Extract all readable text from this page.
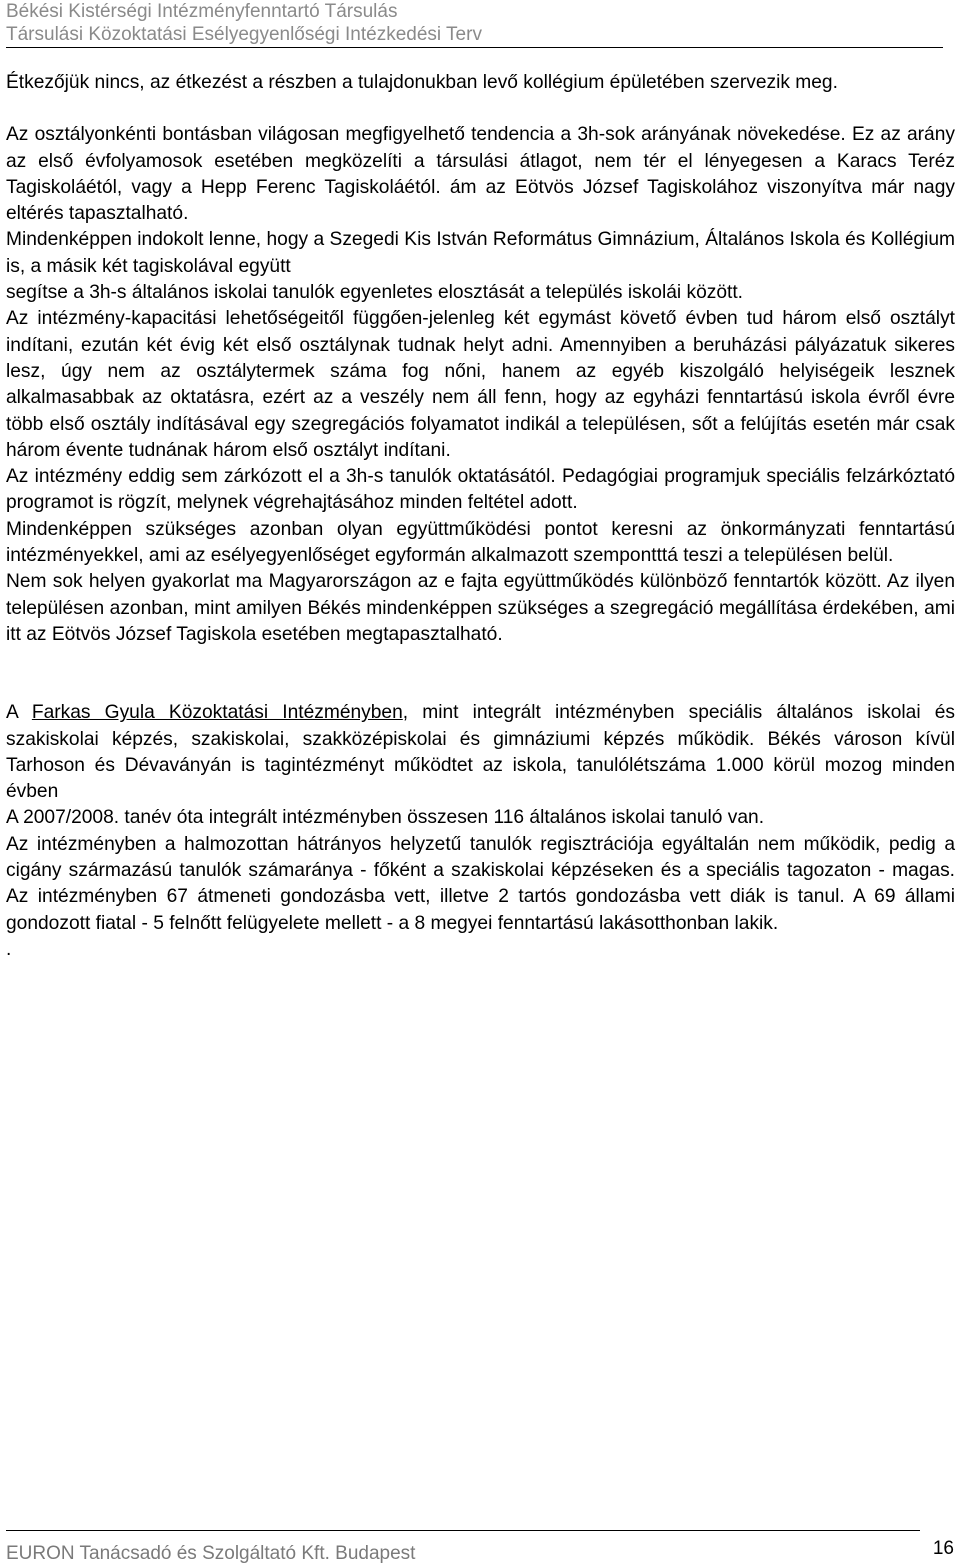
Békési Kistérségi Intézményfenntartó Társulás
Társulási Közoktatási Esélyegyenlőségi Intézkedési Terv

Étkezőjük nincs, az étkezést a részben a tulajdonukban levő kollégium épületében szervezik meg.

Az osztályonkénti bontásban világosan megfigyelhető tendencia a 3h-sok arányának növekedése. Ez az arány az első évfolyamosok esetében megközelíti a társulási átlagot, nem tér el lényegesen a Karacs Teréz Tagiskoláétól, vagy a Hepp Ferenc Tagiskoláétól. ám az Eötvös József Tagiskolához viszonyítva már nagy eltérés tapasztalható.

Mindenképpen indokolt lenne, hogy a Szegedi Kis István Református Gimnázium, Általános Iskola és Kollégium is, a másik két tagiskolával együtt

segítse a 3h-s általános iskolai tanulók egyenletes elosztását a település iskolái között.

Az intézmény-kapacitási lehetőségeitől függően-jelenleg két egymást követő évben tud három első osztályt indítani, ezután két évig két első osztálynak tudnak helyt adni. Amennyiben a beruházási pályázatuk sikeres lesz, úgy nem az osztálytermek száma fog nőni, hanem az egyéb kiszolgáló helyiségeik lesznek alkalmasabbak az oktatásra, ezért az a veszély nem áll fenn, hogy az egyházi fenntartású iskola évről évre több első osztály indításával egy szegregációs folyamatot indikál a településen, sőt a felújítás esetén már csak három évente tudnának három első osztályt indítani.

Az intézmény eddig sem zárkózott el a 3h-s tanulók oktatásától. Pedagógiai programjuk speciális felzárkóztató programot is rögzít, melynek végrehajtásához minden feltétel adott.

Mindenképpen szükséges azonban olyan együttműködési pontot keresni az önkormányzati fenntartású intézményekkel, ami az esélyegyenlőséget egyformán alkalmazott szempontttá teszi a településen belül.

Nem sok helyen gyakorlat ma Magyarországon az e fajta együttműködés különböző fenntartók között. Az ilyen településen azonban, mint amilyen Békés mindenképpen szükséges a szegregáció megállítása érdekében, ami itt az Eötvös József Tagiskola esetében megtapasztalható.

A Farkas Gyula Közoktatási Intézményben, mint integrált intézményben speciális általános iskolai és szakiskolai képzés, szakiskolai, szakközépiskolai és gimnáziumi képzés működik. Békés városon kívül Tarhoson és Dévaványán is tagintézményt működtet az iskola, tanulólétszáma 1.000 körül mozog minden évben

A 2007/2008. tanév óta integrált intézményben összesen 116 általános iskolai tanuló van.

Az intézményben a halmozottan hátrányos helyzetű tanulók regisztrációja egyáltalán nem működik, pedig a cigány származású tanulók számaránya - főként a szakiskolai képzéseken és a speciális tagozaton - magas. Az intézményben 67 átmeneti gondozásba vett, illetve 2 tartós gondozásba vett diák is tanul. A 69 állami gondozott fiatal - 5 felnőtt felügyelete mellett - a 8 megyei fenntartású lakásotthonban lakik.

.

EURON Tanácsadó és Szolgáltató Kft. Budapest	16
